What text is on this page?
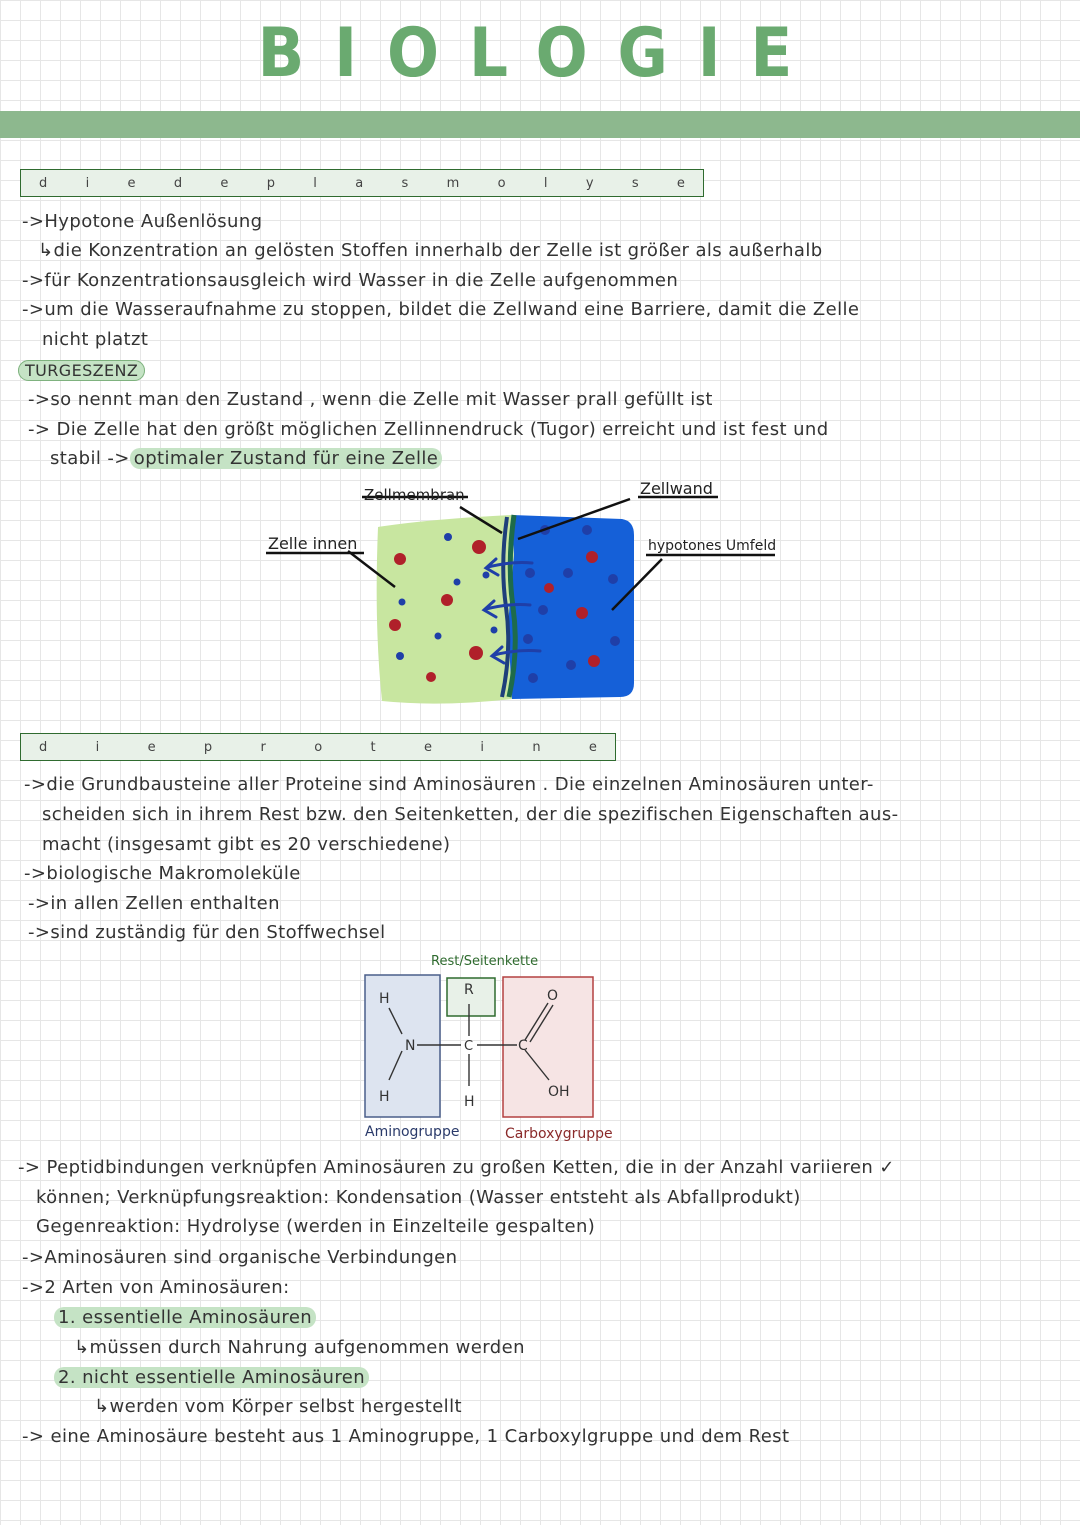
BIOLOGIE
d	i	e	d	e	p	l	a	s	m	o	l	y	s	e
->Hypotone Außenlösung
↳die Konzentration an gelösten Stoffen innerhalb der Zelle ist größer als außerhalb
->für Konzentrationsausgleich wird Wasser in die Zelle aufgenommen
->um die Wasseraufnahme zu stoppen, bildet die Zellwand eine Barriere, damit die Zelle
nicht platzt
TURGESZENZ
->so nennt man den Zustand , wenn die Zelle mit Wasser prall gefüllt ist
-> Die Zelle hat den größt möglichen Zellinnendruck (Tugor) erreicht und ist fest und
stabil -> optimaler Zustand für eine Zelle
Zellmembran	Zellwand
Zelle innen	hypotones Umfeld
d	i	e	p	r	o	t	e	i	n	e
->die Grundbausteine aller Proteine sind Aminosäuren . Die einzelnen Aminosäuren unter-
scheiden sich in ihrem Rest bzw. den Seitenketten, der die spezifischen Eigenschaften aus-
macht (insgesamt gibt es 20 verschiedene)
->biologische Makromoleküle
->in allen Zellen enthalten
->sind zuständig für den Stoffwechsel
H
N
H
R
C
H
C
O
OH
Rest/Seitenkette
Aminogruppe	Carboxygruppe
-> Peptidbindungen verknüpfen Aminosäuren zu großen Ketten, die in der Anzahl variieren ✓
können; Verknüpfungsreaktion: Kondensation (Wasser entsteht als Abfallprodukt)
Gegenreaktion: Hydrolyse (werden in Einzelteile gespalten)
->Aminosäuren sind organische Verbindungen
->2 Arten von Aminosäuren:
1. essentielle Aminosäuren
↳müssen durch Nahrung aufgenommen werden
2. nicht essentielle Aminosäuren
↳werden vom Körper selbst hergestellt
-> eine Aminosäure besteht aus 1 Aminogruppe, 1 Carboxylgruppe und dem Rest
